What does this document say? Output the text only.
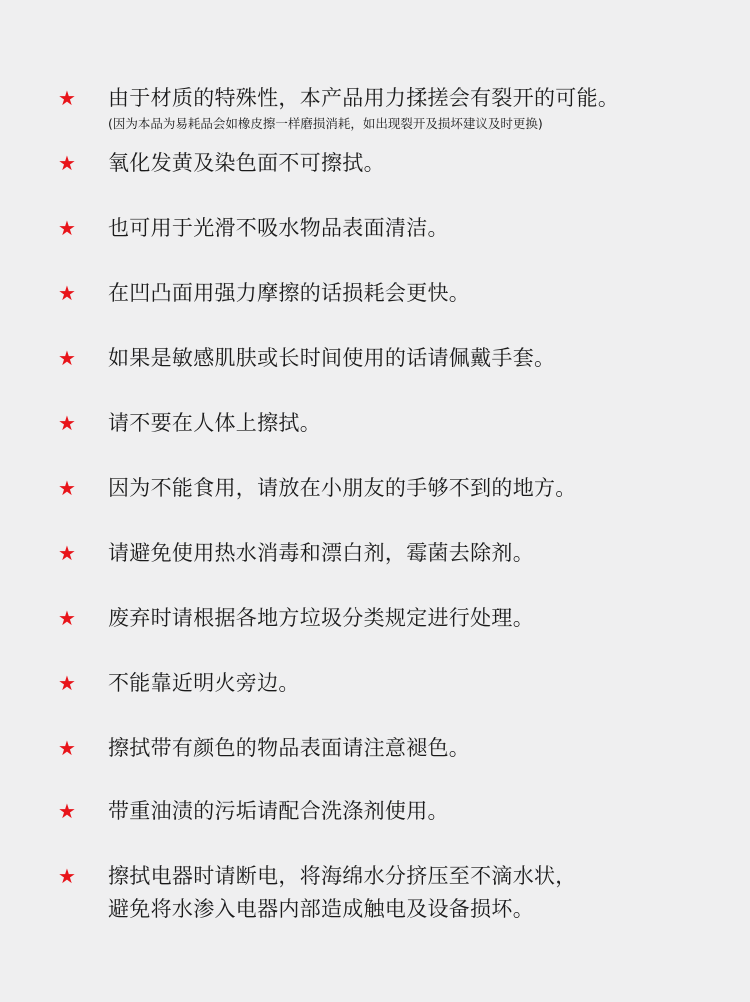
★ 由于材质的特殊性，本产品用力揉搓会有裂开的可能。
(因为本品为易耗品会如橡皮擦一样磨损消耗，如出现裂开及损坏建议及时更换)
★ 氧化发黄及染色面不可擦拭。
★ 也可用于光滑不吸水物品表面清洁。
★ 在凹凸面用强力摩擦的话损耗会更快。
★ 如果是敏感肌肤或长时间使用的话请佩戴手套。
★ 请不要在人体上擦拭。
★ 因为不能食用，请放在小朋友的手够不到的地方。
★ 请避免使用热水消毒和漂白剂，霉菌去除剂。
★ 废弃时请根据各地方垃圾分类规定进行处理。
★ 不能靠近明火旁边。
★ 擦拭带有颜色的物品表面请注意褪色。
★ 带重油渍的污垢请配合洗涤剂使用。
★ 擦拭电器时请断电，将海绵水分挤压至不滴水状，
避免将水渗入电器内部造成触电及设备损坏。
